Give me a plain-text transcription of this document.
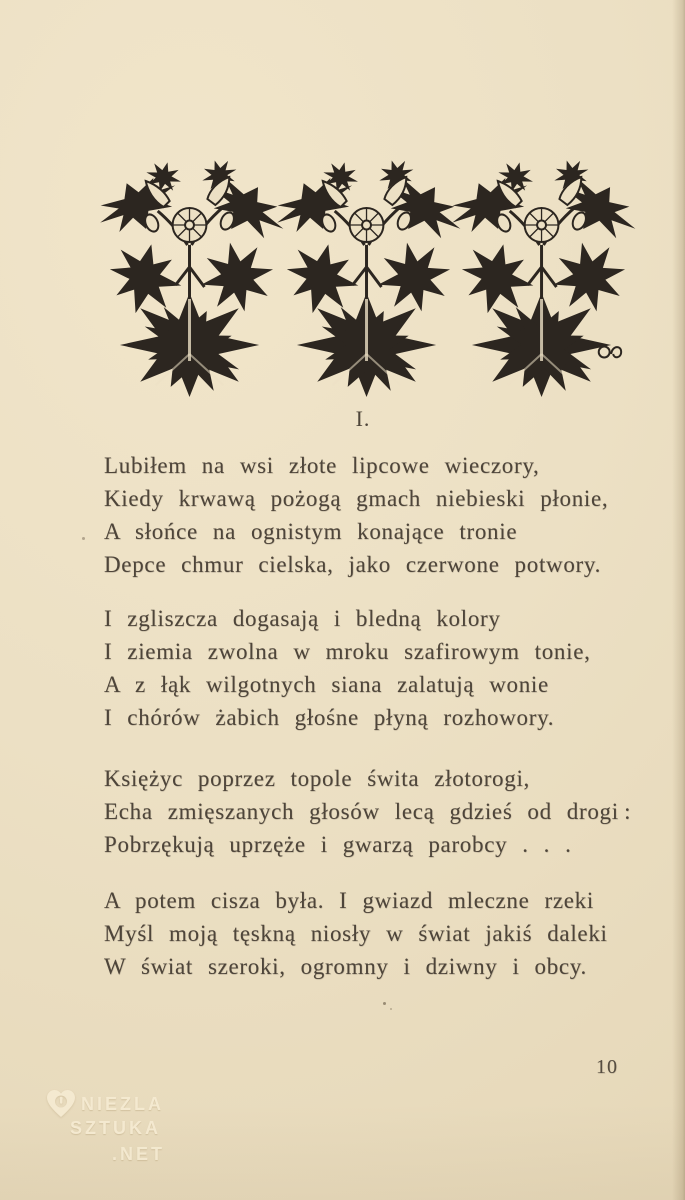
I.
Lubiłem na wsi złote lipcowe wieczory,
Kiedy krwawą pożogą gmach niebieski płonie,
A słońce na ognistym konające tronie
Depce chmur cielska, jako czerwone potwory.
I zgliszcza dogasają i bledną kolory
I ziemia zwolna w mroku szafirowym tonie,
A z łąk wilgotnych siana zalatują wonie
I chórów żabich głośne płyną rozhowory.
Księżyc poprzez topole świta złotorogi,
Echa zmięszanych głosów lecą gdzieś od drogi :
Pobrzękują uprzęże i gwarzą parobcy . . .
A potem cisza była. I gwiazd mleczne rzeki
Myśl moją tęskną niosły w świat jakiś daleki
W świat szeroki, ogromny i dziwny i obcy.
10
NIEZLA
SZTUKA
.NET
